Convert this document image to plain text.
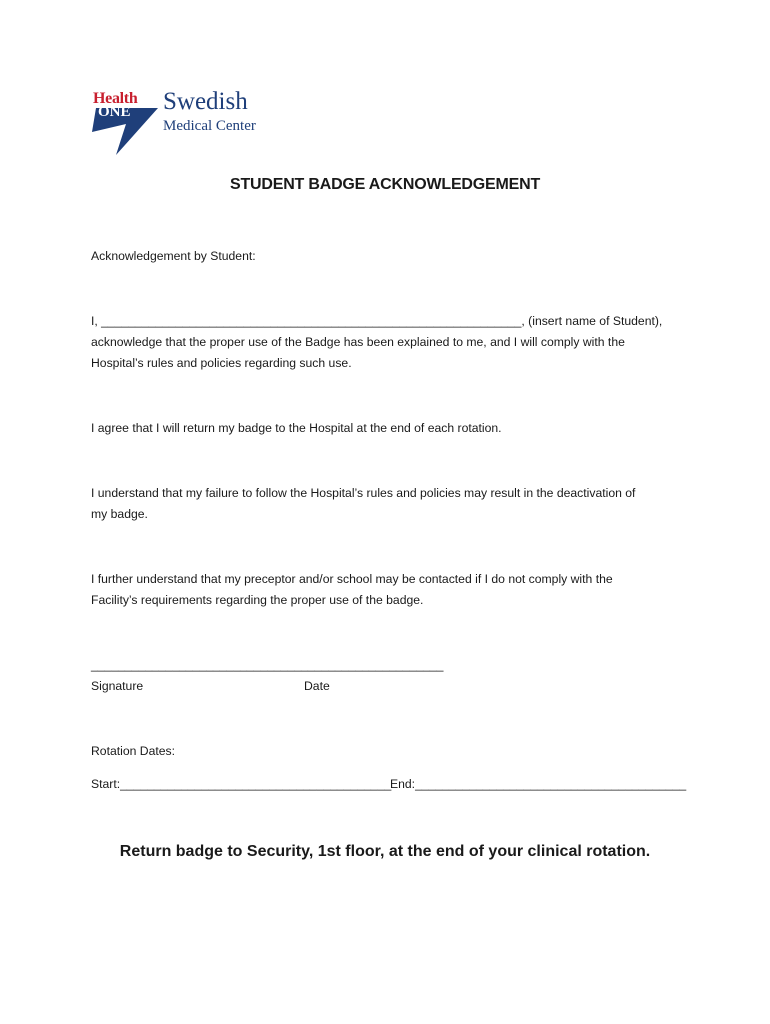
Health
ONE Swedish
Medical Center
STUDENT BADGE ACKNOWLEDGEMENT
Acknowledgement by Student:
I, ______________________________________________________________, (insert name of Student),
acknowledge that the proper use of the Badge has been explained to me, and I will comply with the
Hospital’s rules and policies regarding such use.
I agree that I will return my badge to the Hospital at the end of each rotation.
I understand that my failure to follow the Hospital’s rules and policies may result in the deactivation of
my badge.
I further understand that my preceptor and/or school may be contacted if I do not comply with the
Facility’s requirements regarding the proper use of the badge.
____________________________________________________
Signature	Date
Rotation Dates:
Start:________________________________________
End:________________________________________
Return badge to Security, 1st floor, at the end of your clinical rotation.
